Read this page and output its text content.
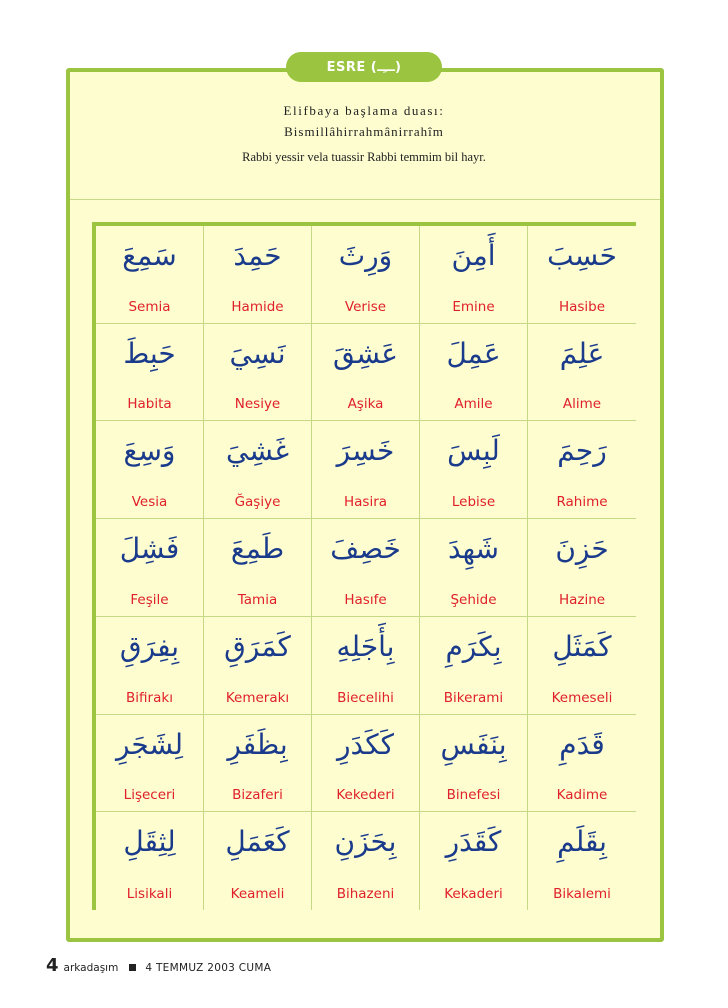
ESRE (ـــِـ)
Elifbaya başlama duası:
Bismillâhirrahmânirrahîm
Rabbi yessir vela tuassir Rabbi temmim bil hayr.
سَمِعَ
Semia
حَمِدَ
Hamide
وَرِثَ
Verise
أَمِنَ
Emine
حَسِبَ
Hasibe
حَبِطَ
Habita
نَسِيَ
Nesiye
عَشِقَ
Aşika
عَمِلَ
Amile
عَلِمَ
Alime
وَسِعَ
Vesia
غَشِيَ
Ğaşiye
خَسِرَ
Hasira
لَبِسَ
Lebise
رَحِمَ
Rahime
فَشِلَ
Feşile
طَمِعَ
Tamia
خَصِفَ
Hasıfe
شَهِدَ
Şehide
حَزِنَ
Hazine
بِفِرَقِ
Bifirakı
كَمَرَقِ
Kemerakı
بِأَجَلِهِ
Biecelihi
بِكَرَمِ
Bikerami
كَمَثَلِ
Kemeseli
لِشَجَرِ
Lişeceri
بِظَفَرِ
Bizaferi
كَكَدَرِ
Kekederi
بِنَفَسِ
Binefesi
قَدَمِ
Kadime
لِثِقَلِ
Lisikali
كَعَمَلِ
Keameli
بِحَزَنِ
Bihazeni
كَقَدَرِ
Kekaderi
بِقَلَمِ
Bikalemi
4 arkadaşım	4 TEMMUZ 2003 CUMA
